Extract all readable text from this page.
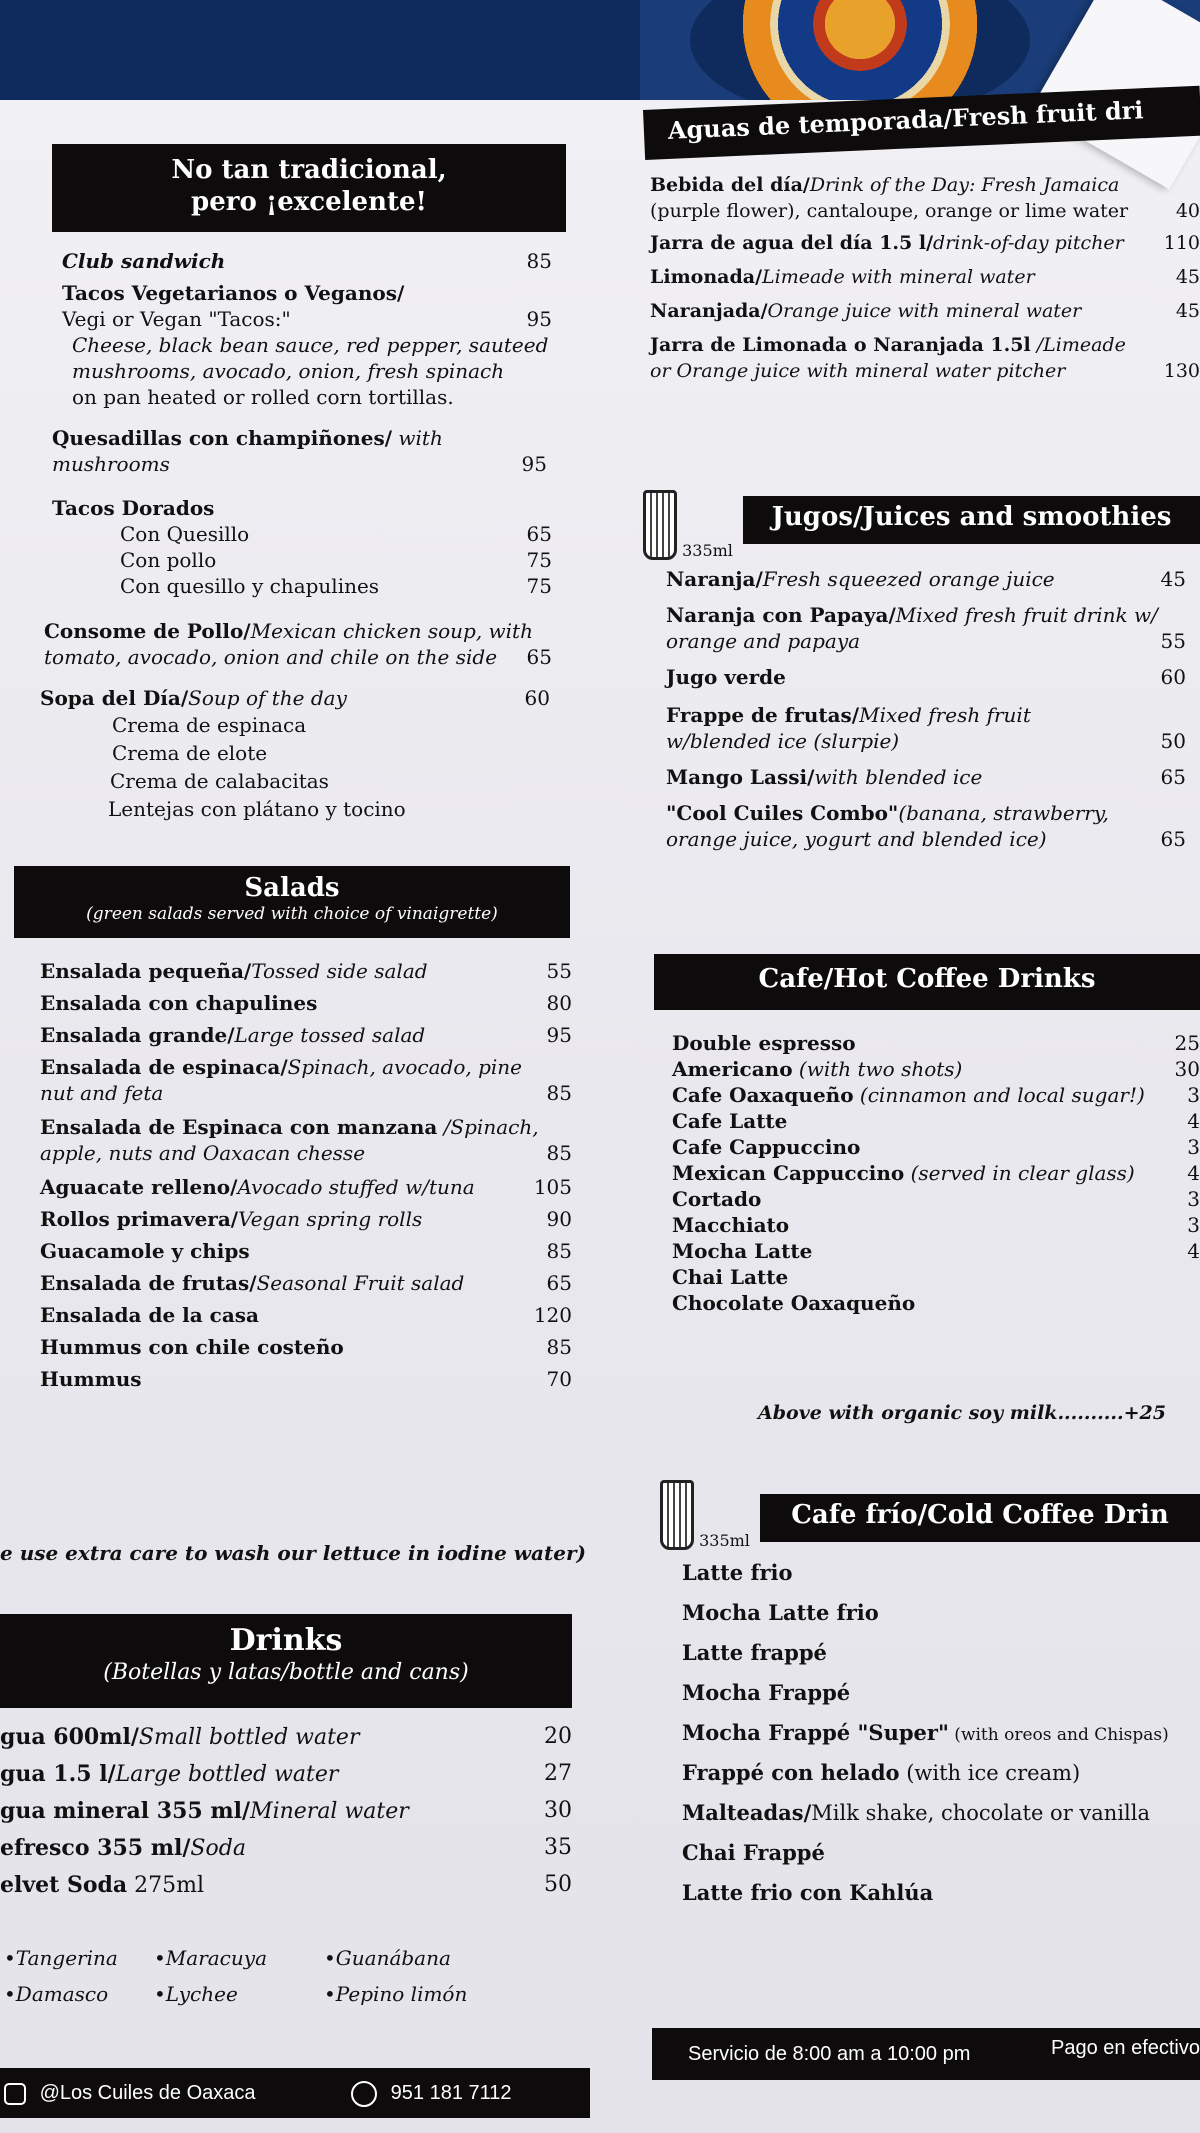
No tan tradicional,
pero ¡excelente!
Club sandwich	85
Tacos Vegetarianos o Veganos/
Vegi or Vegan "Tacos:"	95
Cheese, black bean sauce, red pepper, sauteed
mushrooms, avocado, onion, fresh spinach
on pan heated or rolled corn tortillas.
Quesadillas con champiñones/ with
mushrooms	95
Tacos Dorados
Con Quesillo	65
Con pollo	75
Con quesillo y chapulines	75
Consome de Pollo/Mexican chicken soup, with
tomato, avocado, onion and chile on the side 65
Sopa del Día/Soup of the day	60
Crema de espinaca
Crema de elote
Crema de calabacitas
Lentejas con plátano y tocino
Salads
(green salads served with choice of vinaigrette)
Ensalada pequeña/Tossed side salad	55
Ensalada con chapulines	80
Ensalada grande/Large tossed salad	95
Ensalada de espinaca/Spinach, avocado, pine
nut and feta	85
Ensalada de Espinaca con manzana /Spinach,
apple, nuts and Oaxacan chesse	85
Aguacate relleno/Avocado stuffed w/tuna	105
Rollos primavera/Vegan spring rolls	90
Guacamole y chips	85
Ensalada de frutas/Seasonal Fruit salad	65
Ensalada de la casa	120
Hummus con chile costeño	85
Hummus	70
e use extra care to wash our lettuce in iodine water)
Drinks
(Botellas y latas/bottle and cans)
gua 600ml/Small bottled water	20
gua 1.5 l/Large bottled water	27
gua mineral 355 ml/Mineral water	30
efresco 355 ml/Soda	35
elvet Soda 275ml	50
•Tangerina	•Maracuya	•Guanábana
•Damasco	•Lychee	•Pepino limón
@Los Cuiles de Oaxaca	951 181 7112
Aguas de temporada/Fresh fruit dri
Bebida del día/Drink of the Day: Fresh Jamaica
(purple flower), cantaloupe, orange or lime water	40
Jarra de agua del día 1.5 l/drink-of-day pitcher 110
Limonada/Limeade with mineral water	45
Naranjada/Orange juice with mineral water	45
Jarra de Limonada o Naranjada 1.5l /Limeade
or Orange juice with mineral water pitcher	130
335ml
Jugos/Juices and smoothies
Naranja/Fresh squeezed orange juice	45
Naranja con Papaya/Mixed fresh fruit drink w/
orange and papaya	55
Jugo verde	60
Frappe de frutas/Mixed fresh fruit
w/blended ice (slurpie)	50
Mango Lassi/with blended ice	65
"Cool Cuiles Combo"(banana, strawberry,
orange juice, yogurt and blended ice)	65
Cafe/Hot Coffee Drinks
Double espresso	25
Americano (with two shots)	30
Cafe Oaxaqueño (cinnamon and local sugar!) 3
Cafe Latte	4
Cafe Cappuccino	3
Mexican Cappuccino (served in clear glass)	4
Cortado	3
Macchiato	3
Mocha Latte	4
Chai Latte
Chocolate Oaxaqueño
Above with organic soy milk..........+25
335ml
Cafe frío/Cold Coffee Drin
Latte frio
Mocha Latte frio
Latte frappé
Mocha Frappé
Mocha Frappé "Super" (with oreos and Chispas)
Frappé con helado (with ice cream)
Malteadas/Milk shake, chocolate or vanilla
Chai Frappé
Latte frio con Kahlúa
Servicio de 8:00 am a 10:00 pm	Pago en efectivo
